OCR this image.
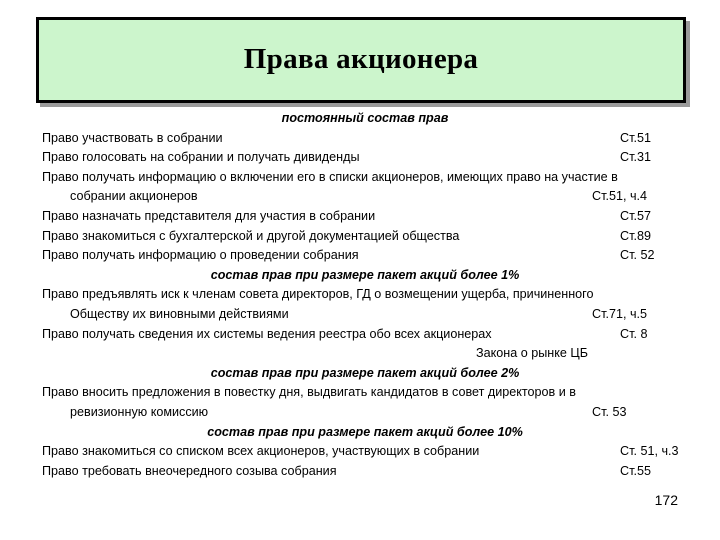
Права акционера
постоянный состав прав
Право участвовать в собрании	Ст.51
Право голосовать на собрании и получать дивиденды	Ст.31
Право получать информацию о включении его в списки акционеров, имеющих право на участие в
собрании акционеров	Ст.51, ч.4
Право назначать представителя для участия в собрании	Ст.57
Право знакомиться с бухгалтерской и другой документацией общества	Ст.89
Право получать информацию о проведении собрания	Ст. 52
состав прав при размере пакет акций более 1%
Право предъявлять иск к членам совета директоров, ГД о возмещении ущерба, причиненного
Обществу их виновными действиями	Ст.71, ч.5
Право получать сведения их системы ведения реестра обо всех акционерах	Ст. 8
Закона о рынке ЦБ
состав прав при размере пакет акций более 2%
Право вносить предложения в повестку дня, выдвигать кандидатов в совет директоров и в
ревизионную комиссию	Ст. 53
состав прав при размере пакет акций более 10%
Право знакомиться со списком всех акционеров, участвующих в собрании	Ст. 51, ч.3
Право требовать внеочередного созыва собрания	Ст.55
172
